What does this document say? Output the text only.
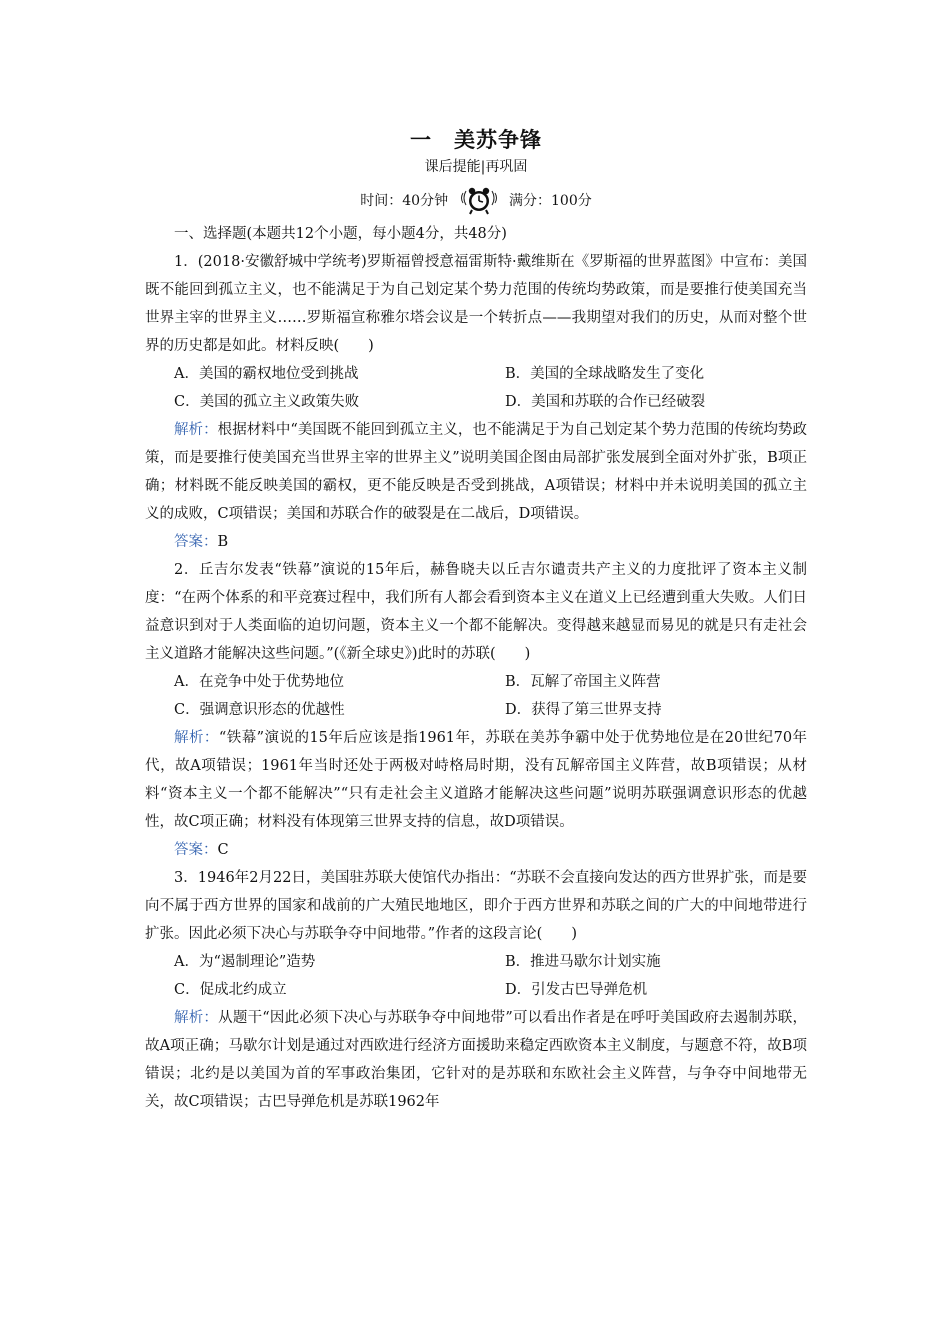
一 美苏争锋
课后提能|再巩固
时间：40分钟	满分：100分

一、选择题(本题共12个小题，每小题4分，共48分)

1．(2018·安徽舒城中学统考)罗斯福曾授意福雷斯特·戴维斯在《罗斯福的世界蓝图》中宣布：美国既不能回到孤立主义，也不能满足于为自己划定某个势力范围的传统均势政策，而是要推行使美国充当世界主宰的世界主义……罗斯福宣称雅尔塔会议是一个转折点——我期望对我们的历史，从而对整个世界的历史都是如此。材料反映(　　)

A．美国的霸权地位受到挑战	B．美国的全球战略发生了变化
C．美国的孤立主义政策失败	D．美国和苏联的合作已经破裂

解析：根据材料中“美国既不能回到孤立主义，也不能满足于为自己划定某个势力范围的传统均势政策，而是要推行使美国充当世界主宰的世界主义”说明美国企图由局部扩张发展到全面对外扩张，B项正确；材料既不能反映美国的霸权，更不能反映是否受到挑战，A项错误；材料中并未说明美国的孤立主义的成败，C项错误；美国和苏联合作的破裂是在二战后，D项错误。

答案：B

2．丘吉尔发表“铁幕”演说的15年后，赫鲁晓夫以丘吉尔谴责共产主义的力度批评了资本主义制度：“在两个体系的和平竞赛过程中，我们所有人都会看到资本主义在道义上已经遭到重大失败。人们日益意识到对于人类面临的迫切问题，资本主义一个都不能解决。变得越来越显而易见的就是只有走社会主义道路才能解决这些问题。”(《新全球史》)此时的苏联(　　)

A．在竞争中处于优势地位	B．瓦解了帝国主义阵营
C．强调意识形态的优越性	D．获得了第三世界支持

解析：“铁幕”演说的15年后应该是指1961年，苏联在美苏争霸中处于优势地位是在20世纪70年代，故A项错误；1961年当时还处于两极对峙格局时期，没有瓦解帝国主义阵营，故B项错误；从材料“资本主义一个都不能解决”“只有走社会主义道路才能解决这些问题”说明苏联强调意识形态的优越性，故C项正确；材料没有体现第三世界支持的信息，故D项错误。

答案：C

3．1946年2月22日，美国驻苏联大使馆代办指出：“苏联不会直接向发达的西方世界扩张，而是要向不属于西方世界的国家和战前的广大殖民地地区，即介于西方世界和苏联之间的广大的中间地带进行扩张。因此必须下决心与苏联争夺中间地带。”作者的这段言论(　　)

A．为“遏制理论”造势	B．推进马歇尔计划实施
C．促成北约成立	D．引发古巴导弹危机

解析：从题干“因此必须下决心与苏联争夺中间地带”可以看出作者是在呼吁美国政府去遏制苏联，故A项正确；马歇尔计划是通过对西欧进行经济方面援助来稳定西欧资本主义制度，与题意不符，故B项错误；北约是以美国为首的军事政治集团，它针对的是苏联和东欧社会主义阵营，与争夺中间地带无关，故C项错误；古巴导弹危机是苏联1962年
